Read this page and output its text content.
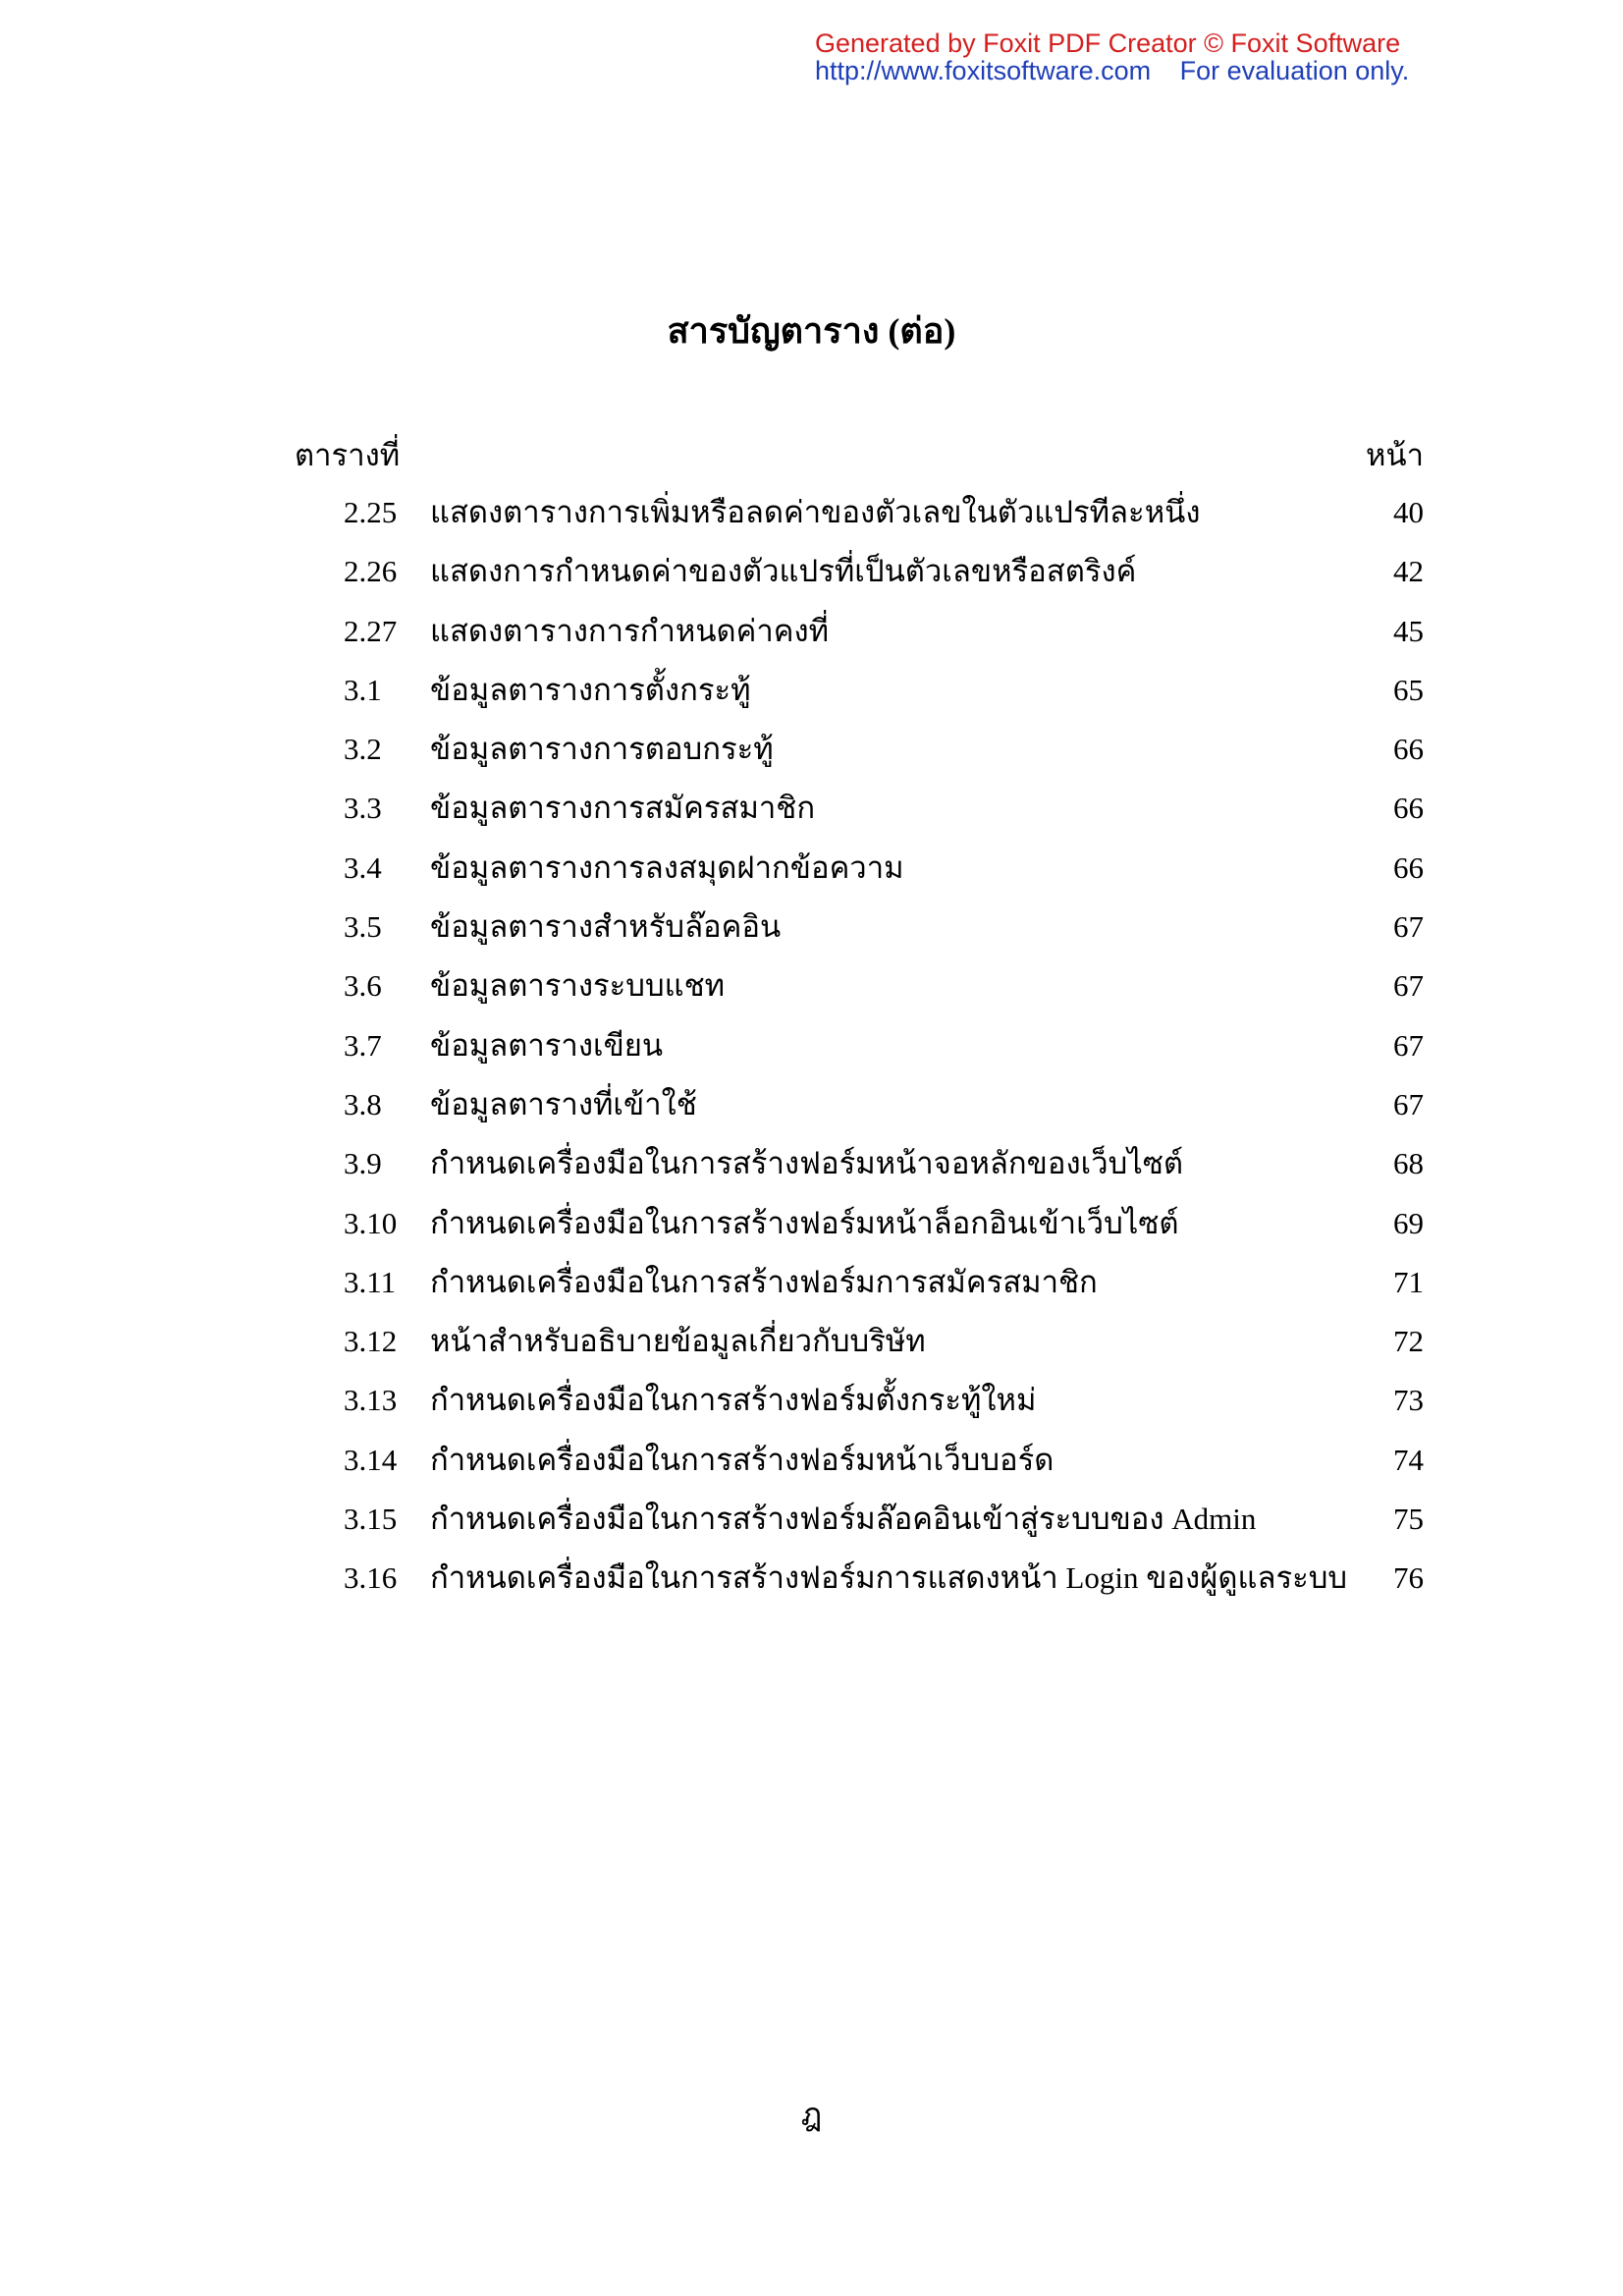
Generated by Foxit PDF Creator © Foxit Software
http://www.foxitsoftware.com For evaluation only.
สารบัญตาราง (ต่อ)
ตารางที่	หน้า
2.25 แสดงตารางการเพิ่มหรือลดค่าของตัวเลขในตัวแปรทีละหนึ่ง	40
2.26 แสดงการกำหนดค่าของตัวแปรที่เป็นตัวเลขหรือสตริงค์	42
2.27 แสดงตารางการกำหนดค่าคงที่	45
3.1 ข้อมูลตารางการตั้งกระทู้	65
3.2 ข้อมูลตารางการตอบกระทู้	66
3.3 ข้อมูลตารางการสมัครสมาชิก	66
3.4 ข้อมูลตารางการลงสมุดฝากข้อความ	66
3.5 ข้อมูลตารางสำหรับล๊อคอิน	67
3.6 ข้อมูลตารางระบบแชท	67
3.7 ข้อมูลตารางเขียน	67
3.8 ข้อมูลตารางที่เข้าใช้	67
3.9 กำหนดเครื่องมือในการสร้างฟอร์มหน้าจอหลักของเว็บไซต์	68
3.10 กำหนดเครื่องมือในการสร้างฟอร์มหน้าล็อกอินเข้าเว็บไซต์	69
3.11 กำหนดเครื่องมือในการสร้างฟอร์มการสมัครสมาชิก	71
3.12 หน้าสำหรับอธิบายข้อมูลเกี่ยวกับบริษัท	72
3.13 กำหนดเครื่องมือในการสร้างฟอร์มตั้งกระทู้ใหม่	73
3.14 กำหนดเครื่องมือในการสร้างฟอร์มหน้าเว็บบอร์ด	74
3.15 กำหนดเครื่องมือในการสร้างฟอร์มล๊อคอินเข้าสู่ระบบของ Admin	75
3.16 กำหนดเครื่องมือในการสร้างฟอร์มการแสดงหน้า Login ของผู้ดูแลระบบ 76
ฎ
